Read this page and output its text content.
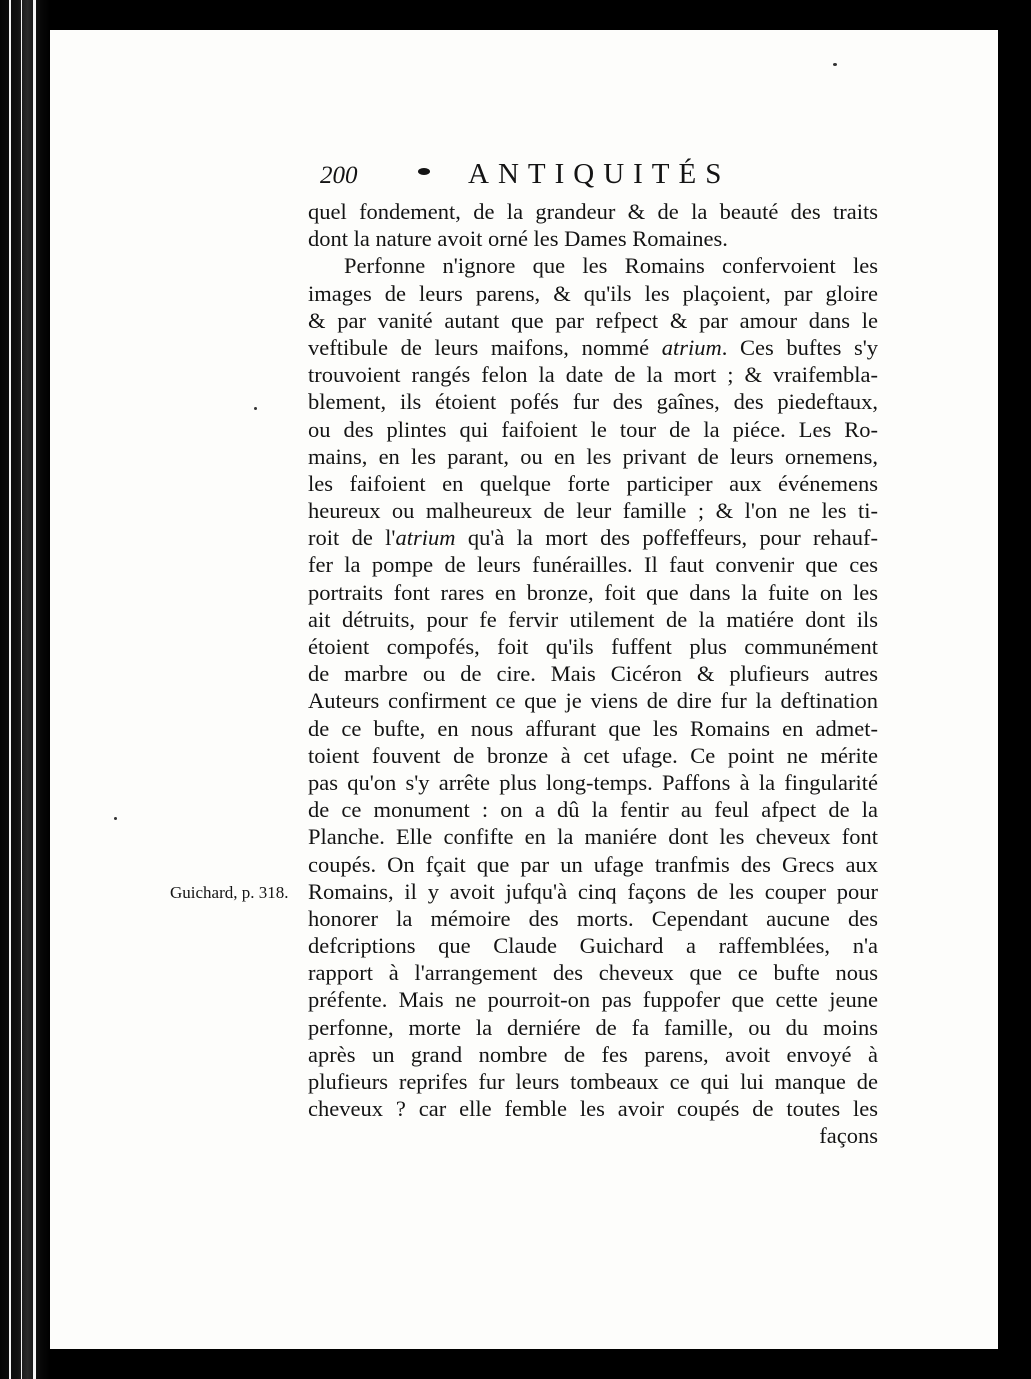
200	ANTIQUITÉS
quel fondement, de la grandeur & de la beauté des traits
dont la nature avoit orné les Dames Romaines.
Perfonne n'ignore que les Romains confervoient les
images de leurs parens, & qu'ils les plaçoient, par gloire
& par vanité autant que par refpect & par amour dans le
veftibule de leurs maifons, nommé atrium. Ces buftes s'y
trouvoient rangés felon la date de la mort ; & vraifembla-
blement, ils étoient pofés fur des gaînes, des piedeftaux,
ou des plintes qui faifoient le tour de la piéce. Les Ro-
mains, en les parant, ou en les privant de leurs ornemens,
les faifoient en quelque forte participer aux événemens
heureux ou malheureux de leur famille ; & l'on ne les ti-
roit de l'atrium qu'à la mort des poffeffeurs, pour rehauf-
fer la pompe de leurs funérailles. Il faut convenir que ces
portraits font rares en bronze, foit que dans la fuite on les
ait détruits, pour fe fervir utilement de la matiére dont ils
étoient compofés, foit qu'ils fuffent plus communément
de marbre ou de cire. Mais Cicéron & plufieurs autres
Auteurs confirment ce que je viens de dire fur la deftination
de ce bufte, en nous affurant que les Romains en admet-
toient fouvent de bronze à cet ufage. Ce point ne mérite
pas qu'on s'y arrête plus long-temps. Paffons à la fingularité
de ce monument : on a dû la fentir au feul afpect de la
Planche. Elle confifte en la maniére dont les cheveux font
coupés. On fçait que par un ufage tranfmis des Grecs aux
Romains, il y avoit jufqu'à cinq façons de les couper pour
honorer la mémoire des morts. Cependant aucune des
defcriptions que Claude Guichard a raffemblées, n'a
rapport à l'arrangement des cheveux que ce bufte nous
préfente. Mais ne pourroit-on pas fuppofer que cette jeune
perfonne, morte la derniére de fa famille, ou du moins
après un grand nombre de fes parens, avoit envoyé à
plufieurs reprifes fur leurs tombeaux ce qui lui manque de
cheveux ? car elle femble les avoir coupés de toutes les
façons
Guichard, p. 318.
